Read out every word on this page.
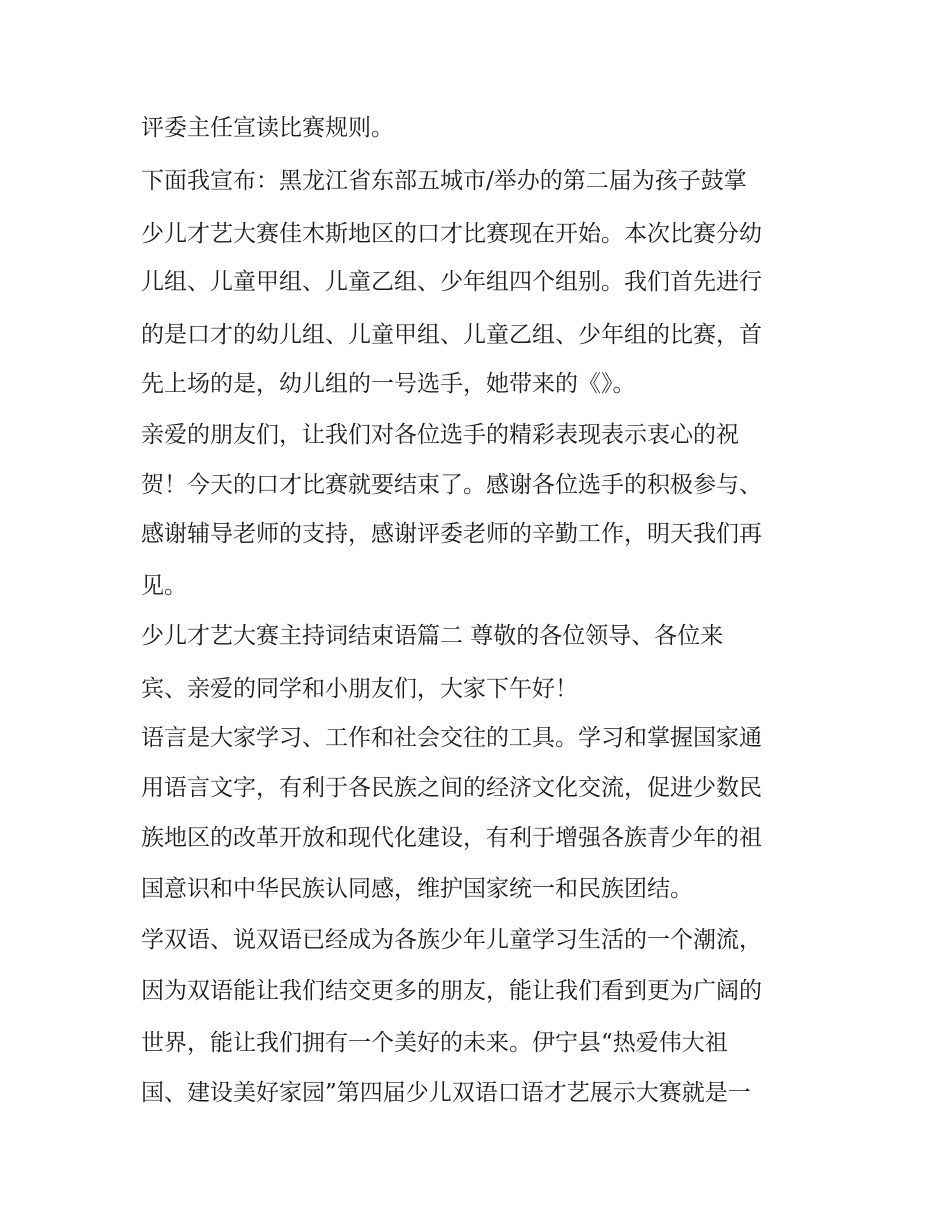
评委主任宣读比赛规则。

下面我宣布：黑龙江省东部五城市/举办的第二届为孩子鼓掌

少儿才艺大赛佳木斯地区的口才比赛现在开始。本次比赛分幼

儿组、儿童甲组、儿童乙组、少年组四个组别。我们首先进行

的是口才的幼儿组、儿童甲组、儿童乙组、少年组的比赛，首

先上场的是，幼儿组的一号选手，她带来的《》。

亲爱的朋友们，让我们对各位选手的精彩表现表示衷心的祝

贺！今天的口才比赛就要结束了。感谢各位选手的积极参与、

感谢辅导老师的支持，感谢评委老师的辛勤工作，明天我们再

见。

少儿才艺大赛主持词结束语篇二 尊敬的各位领导、各位来

宾、亲爱的同学和小朋友们，大家下午好！

语言是大家学习、工作和社会交往的工具。学习和掌握国家通

用语言文字，有利于各民族之间的经济文化交流，促进少数民

族地区的改革开放和现代化建设，有利于增强各族青少年的祖

国意识和中华民族认同感，维护国家统一和民族团结。

学双语、说双语已经成为各族少年儿童学习生活的一个潮流，

因为双语能让我们结交更多的朋友，能让我们看到更为广阔的

世界，能让我们拥有一个美好的未来。伊宁县“热爱伟大祖

国、建设美好家园”第四届少儿双语口语才艺展示大赛就是一
